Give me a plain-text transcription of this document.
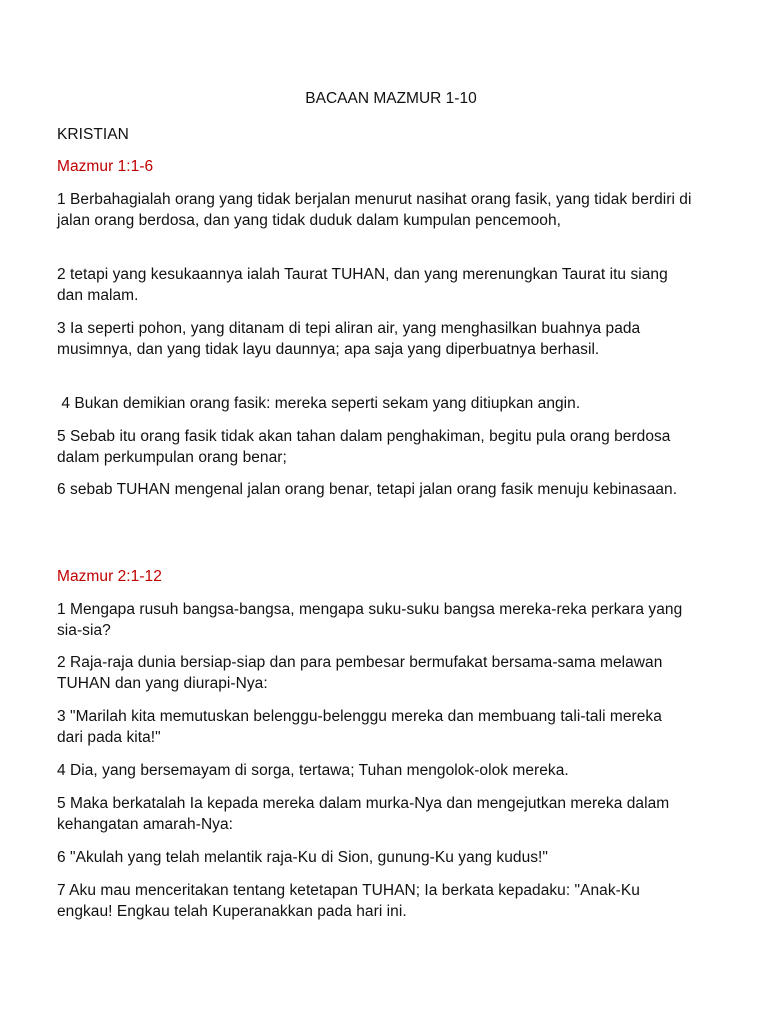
BACAAN MAZMUR 1-10
KRISTIAN
Mazmur 1:1-6
1 Berbahagialah orang yang tidak berjalan menurut nasihat orang fasik, yang tidak berdiri di jalan orang berdosa, dan yang tidak duduk dalam kumpulan pencemooh,
2 tetapi yang kesukaannya ialah Taurat TUHAN, dan yang merenungkan Taurat itu siang dan malam.
3 Ia seperti pohon, yang ditanam di tepi aliran air, yang menghasilkan buahnya pada musimnya, dan yang tidak layu daunnya; apa saja yang diperbuatnya berhasil.
4 Bukan demikian orang fasik: mereka seperti sekam yang ditiupkan angin.
5 Sebab itu orang fasik tidak akan tahan dalam penghakiman, begitu pula orang berdosa dalam perkumpulan orang benar;
6 sebab TUHAN mengenal jalan orang benar, tetapi jalan orang fasik menuju kebinasaan.
Mazmur 2:1-12
1 Mengapa rusuh bangsa-bangsa, mengapa suku-suku bangsa mereka-reka perkara yang sia-sia?
2 Raja-raja dunia bersiap-siap dan para pembesar bermufakat bersama-sama melawan TUHAN dan yang diurapi-Nya:
3 "Marilah kita memutuskan belenggu-belenggu mereka dan membuang tali-tali mereka dari pada kita!"
4 Dia, yang bersemayam di sorga, tertawa; Tuhan mengolok-olok mereka.
5 Maka berkatalah Ia kepada mereka dalam murka-Nya dan mengejutkan mereka dalam kehangatan amarah-Nya:
6 "Akulah yang telah melantik raja-Ku di Sion, gunung-Ku yang kudus!"
7 Aku mau menceritakan tentang ketetapan TUHAN; Ia berkata kepadaku: "Anak-Ku engkau! Engkau telah Kuperanakkan pada hari ini.
